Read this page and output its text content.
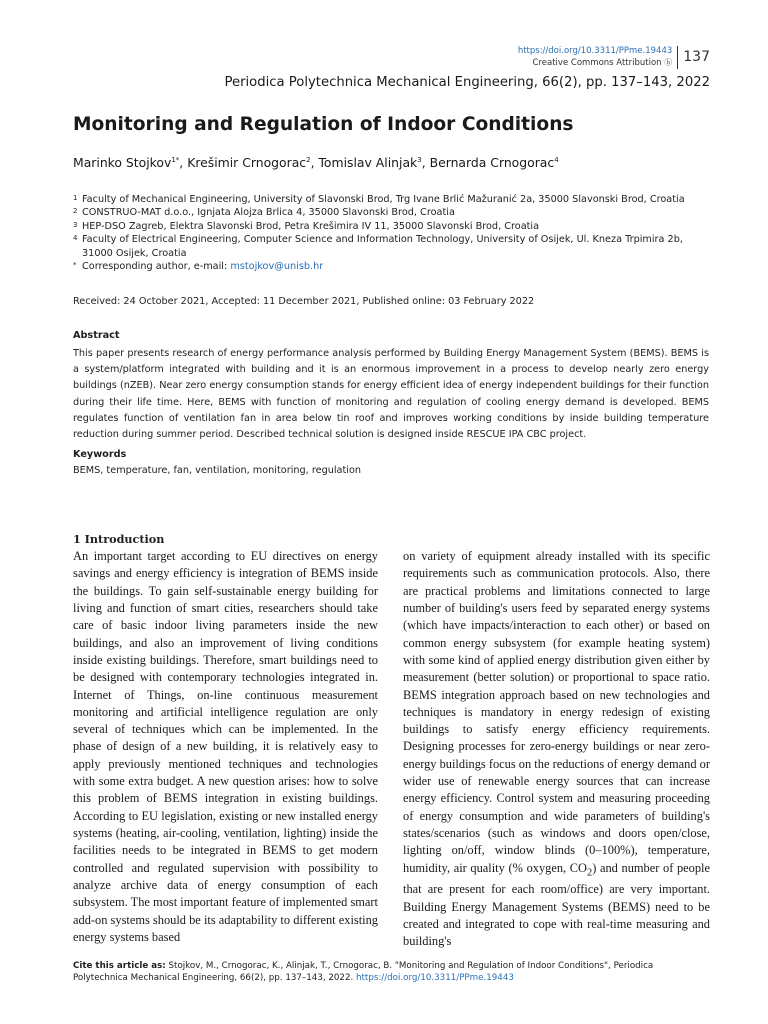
https://doi.org/10.3311/PPme.19443
Creative Commons Attribution ⓑ 137
Periodica Polytechnica Mechanical Engineering, 66(2), pp. 137–143, 2022
Monitoring and Regulation of Indoor Conditions
Marinko Stojkov$^{1*}$, Krešimir Crnogorac$^2$, Tomislav Alinjak$^3$, Bernarda Crnogorac$^4$
1 Faculty of Mechanical Engineering, University of Slavonski Brod, Trg Ivane Brlić Mažuranić 2a, 35000 Slavonski Brod, Croatia
2 CONSTRUO-MAT d.o.o., Ignjata Alojza Brlica 4, 35000 Slavonski Brod, Croatia
3 HEP-DSO Zagreb, Elektra Slavonski Brod, Petra Krešimira IV 11, 35000 Slavonski Brod, Croatia
4 Faculty of Electrical Engineering, Computer Science and Information Technology, University of Osijek, Ul. Kneza Trpimira 2b, 31000 Osijek, Croatia
* Corresponding author, e-mail: mstojkov@unisb.hr
Received: 24 October 2021, Accepted: 11 December 2021, Published online: 03 February 2022
Abstract

This paper presents research of energy performance analysis performed by Building Energy Management System (BEMS). BEMS is a system/platform integrated with building and it is an enormous improvement in a process to develop nearly zero energy buildings (nZEB). Near zero energy consumption stands for energy efficient idea of energy independent buildings for their function during their life time. Here, BEMS with function of monitoring and regulation of cooling energy demand is developed. BEMS regulates function of ventilation fan in area below tin roof and improves working conditions by inside building temperature reduction during summer period. Described technical solution is designed inside RESCUE IPA CBC project.

Keywords
BEMS, temperature, fan, ventilation, monitoring, regulation
1 Introduction

An important target according to EU directives on energy savings and energy efficiency is integration of BEMS inside the buildings. To gain self-sustainable energy building for living and function of smart cities, researchers should take care of basic indoor living parameters inside the new buildings, and also an improvement of living conditions inside existing buildings. Therefore, smart buildings need to be designed with contemporary technologies integrated in. Internet of Things, on-line continuous measurement monitoring and artificial intelligence regulation are only several of techniques which can be implemented. In the phase of design of a new building, it is relatively easy to apply previously mentioned techniques and technologies with some extra budget. A new question arises: how to solve this problem of BEMS integration in existing buildings. According to EU legislation, existing or new installed energy systems (heating, air-cooling, ventilation, lighting) inside the facilities needs to be integrated in BEMS to get modern controlled and regulated supervision with possibility to analyze archive data of energy consumption of each subsystem. The most important feature of implemented smart add-on systems should be its adaptability to different existing energy systems based

on variety of equipment already installed with its specific requirements such as communication protocols. Also, there are practical problems and limitations connected to large number of building's users feed by separated energy systems (which have impacts/interaction to each other) or based on common energy subsystem (for example heating system) with some kind of applied energy distribution given either by measurement (better solution) or proportional to space ratio. BEMS integration approach based on new technologies and techniques is mandatory in energy redesign of existing buildings to satisfy energy efficiency requirements. Designing processes for zero-energy buildings or near zero-energy buildings focus on the reductions of energy demand or wider use of renewable energy sources that can increase energy efficiency. Control system and measuring proceeding of energy consumption and wide parameters of building's states/scenarios (such as windows and doors open/close, lighting on/off, window blinds (0–100%), temperature, humidity, air quality (% oxygen, $CO_2$) and number of people that are present for each room/office) are very important. Building Energy Management Systems (BEMS) need to be created and integrated to cope with real-time measuring and building's

Cite this article as: Stojkov, M., Crnogorac, K., Alinjak, T., Crnogorac, B. "Monitoring and Regulation of Indoor Conditions", Periodica Polytechnica Mechanical Engineering, 66(2), pp. 137–143, 2022. https://doi.org/10.3311/PPme.19443
